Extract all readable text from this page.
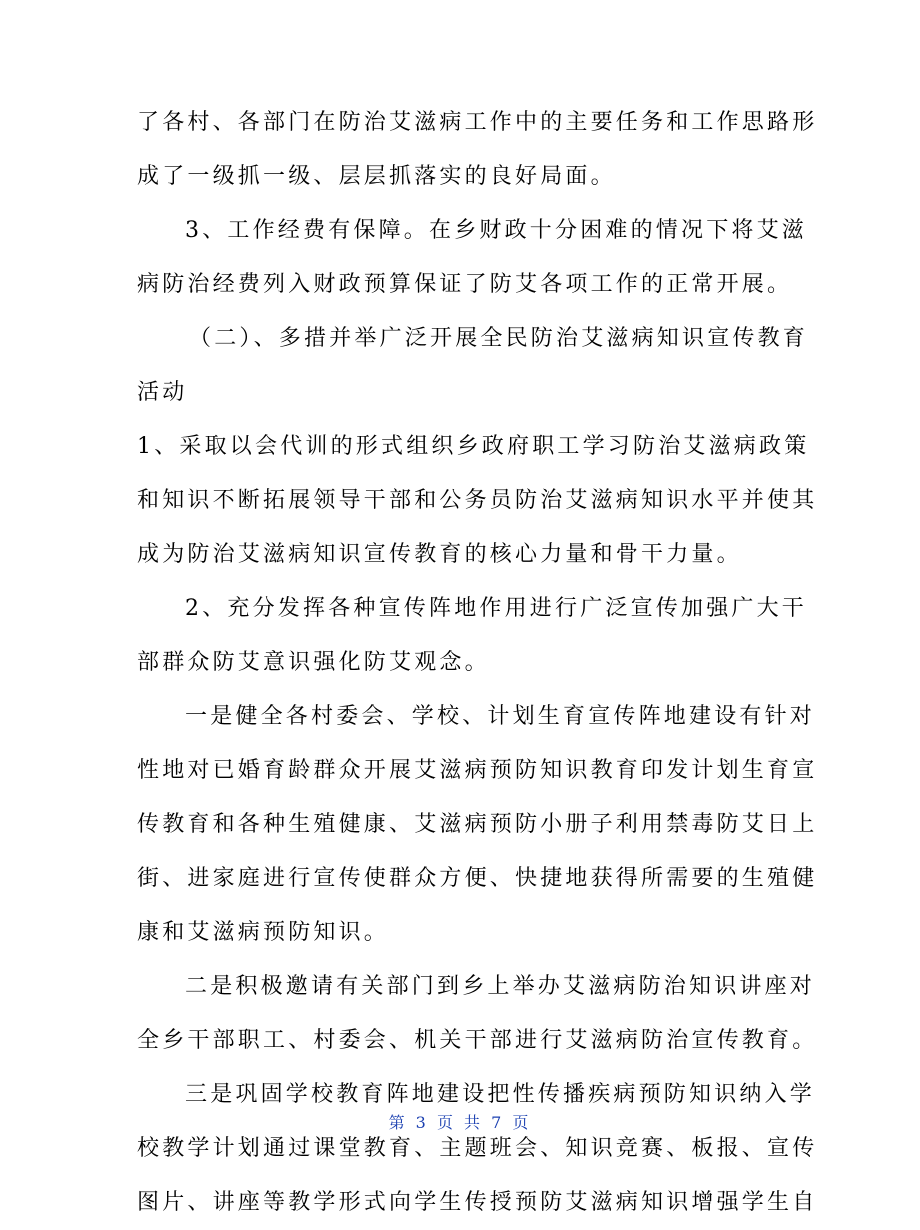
了各村、各部门在防治艾滋病工作中的主要任务和工作思路形
成了一级抓一级、层层抓落实的良好局面。
3、工作经费有保障。在乡财政十分困难的情况下将艾滋
病防治经费列入财政预算保证了防艾各项工作的正常开展。
（二）、多措并举广泛开展全民防治艾滋病知识宣传教育
活动
1、采取以会代训的形式组织乡政府职工学习防治艾滋病政策
和知识不断拓展领导干部和公务员防治艾滋病知识水平并使其
成为防治艾滋病知识宣传教育的核心力量和骨干力量。
2、充分发挥各种宣传阵地作用进行广泛宣传加强广大干
部群众防艾意识强化防艾观念。
一是健全各村委会、学校、计划生育宣传阵地建设有针对
性地对已婚育龄群众开展艾滋病预防知识教育印发计划生育宣
传教育和各种生殖健康、艾滋病预防小册子利用禁毒防艾日上
街、进家庭进行宣传使群众方便、快捷地获得所需要的生殖健
康和艾滋病预防知识。
二是积极邀请有关部门到乡上举办艾滋病防治知识讲座对
全乡干部职工、村委会、机关干部进行艾滋病防治宣传教育。
三是巩固学校教育阵地建设把性传播疾病预防知识纳入学
校教学计划通过课堂教育、主题班会、知识竞赛、板报、宣传
图片、讲座等教学形式向学生传授预防艾滋病知识增强学生自
第 3 页 共 7 页
